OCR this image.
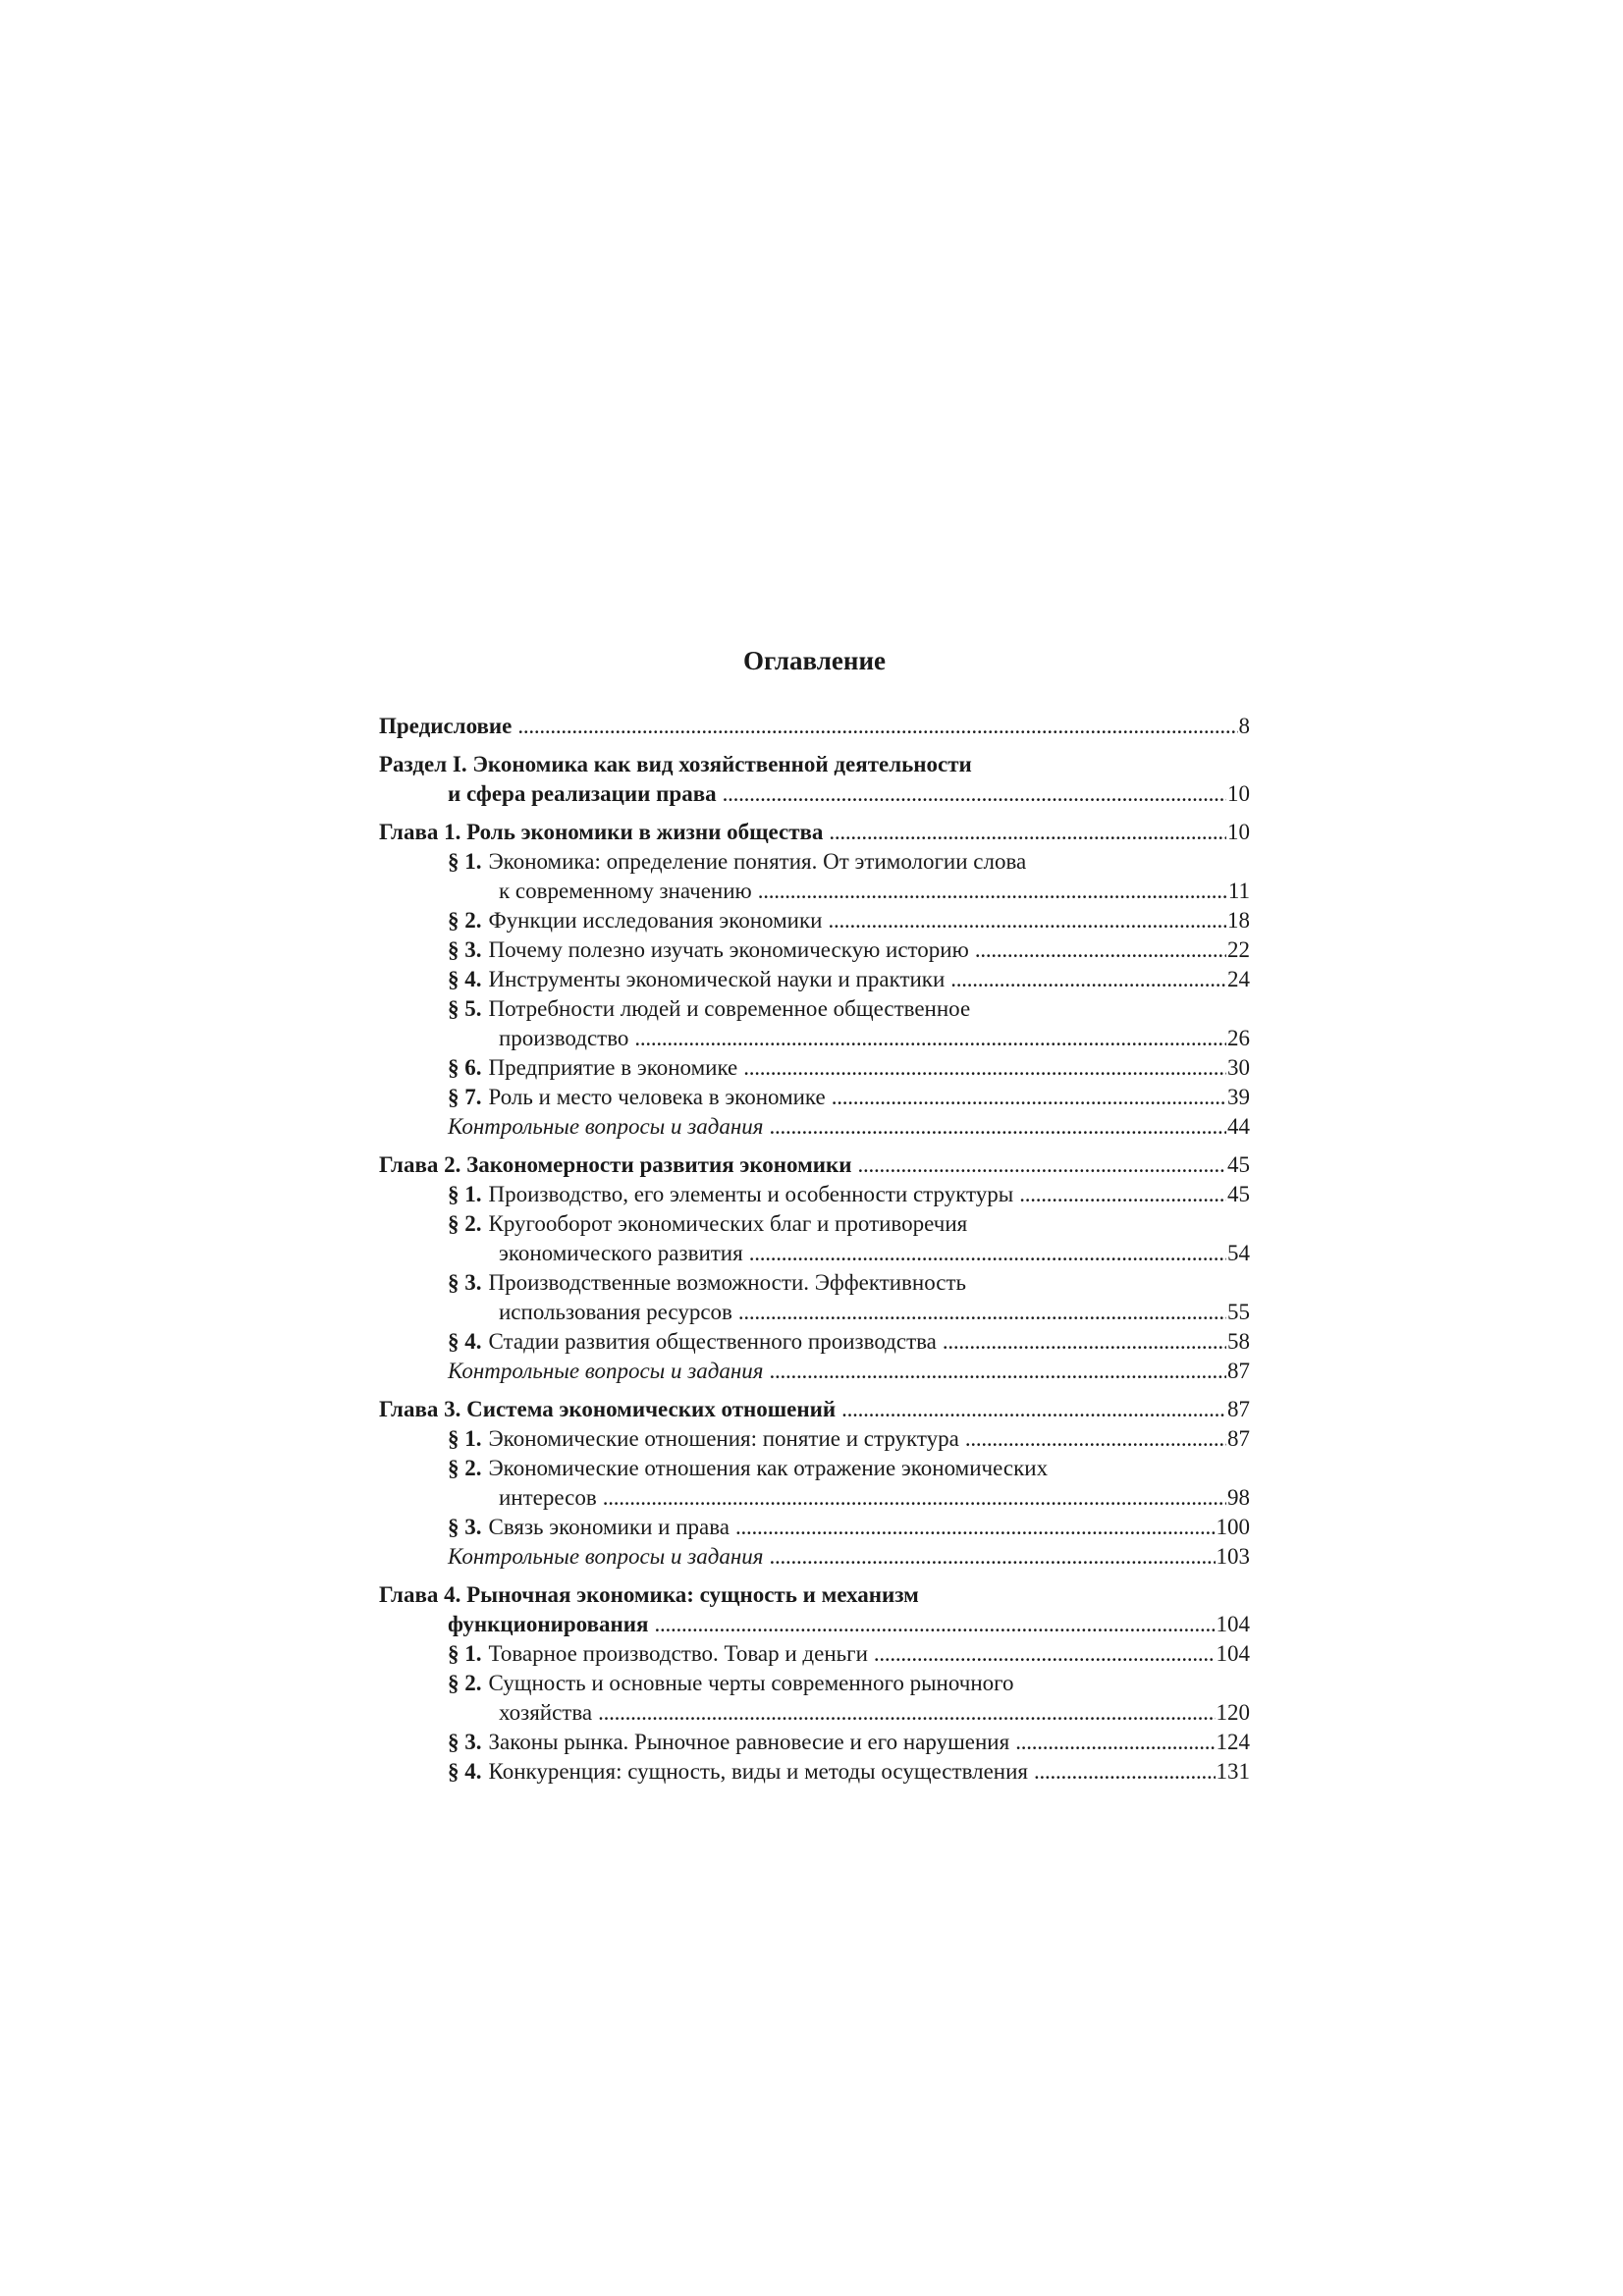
Оглавление
Предисловие . . .	8
Раздел I. Экономика как вид хозяйственной деятельности
и сфера реализации права . . .	10
Глава 1. Роль экономики в жизни общества . . .	10
§ 1. Экономика: определение понятия. От этимологии слова
к современному значению . . .	11
§ 2. Функции исследования экономики . . .	18
§ 3. Почему полезно изучать экономическую историю . . .	22
§ 4. Инструменты экономической науки и практики . . .	24
§ 5. Потребности людей и современное общественное
производство . . .	26
§ 6. Предприятие в экономике . . .	30
§ 7. Роль и место человека в экономике . . .	39
Контрольные вопросы и задания . . .	44
Глава 2. Закономерности развития экономики . . .	45
§ 1. Производство, его элементы и особенности структуры . . .	45
§ 2. Кругооборот экономических благ и противоречия
экономического развития . . .	54
§ 3. Производственные возможности. Эффективность
использования ресурсов . . .	55
§ 4. Стадии развития общественного производства . . .	58
Контрольные вопросы и задания . . .	87
Глава 3. Система экономических отношений . . .	87
§ 1. Экономические отношения: понятие и структура . . .	87
§ 2. Экономические отношения как отражение экономических
интересов . . .	98
§ 3. Связь экономики и права . . .	100
Контрольные вопросы и задания . . .	103
Глава 4. Рыночная экономика: сущность и механизм
функционирования . . .	104
§ 1. Товарное производство. Товар и деньги . . .	104
§ 2. Сущность и основные черты современного рыночного
хозяйства . . .	120
§ 3. Законы рынка. Рыночное равновесие и его нарушения . . .	124
§ 4. Конкуренция: сущность, виды и методы осуществления . . .	131
